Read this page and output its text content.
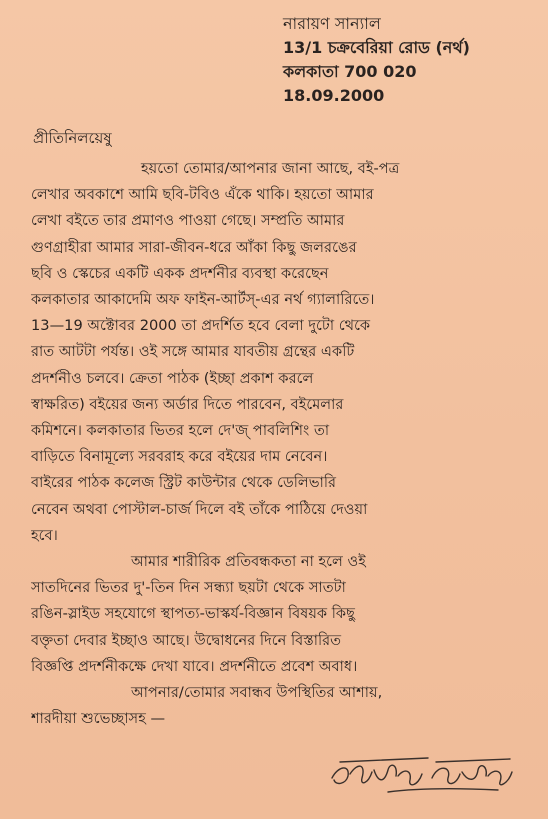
নারায়ণ সান্যাল
13/1 চক্রবেরিয়া রোড (নর্থ)
কলকাতা 700 020
18.09.2000
প্রীতিনিলয়েষু
হয়তো তোমার/আপনার জানা আছে, বই-পত্র
লেখার অবকাশে আমি ছবি-টবিও এঁকে থাকি। হয়তো আমার
লেখা বইতে তার প্রমাণও পাওয়া গেছে। সম্প্রতি আমার
গুণগ্রাহীরা আমার সারা-জীবন-ধরে আঁকা কিছু জলরঙের
ছবি ও স্কেচের একটি একক প্রদর্শনীর ব্যবস্থা করেছেন
কলকাতার আকাদেমি অফ ফাইন-আর্টস্-এর নর্থ গ্যালারিতে।
13—19 অক্টোবর 2000 তা প্রদর্শিত হবে বেলা দুটো থেকে
রাত আটটা পর্যন্ত। ওই সঙ্গে আমার যাবতীয় গ্রন্থের একটি
প্রদর্শনীও চলবে। ক্রেতা পাঠক (ইচ্ছা প্রকাশ করলে
স্বাক্ষরিত) বইয়ের জন্য অর্ডার দিতে পারবেন, বইমেলার
কমিশনে। কলকাতার ভিতর হলে দে'জ্ পাবলিশিং তা
বাড়িতে বিনামূল্যে সরবরাহ করে বইয়ের দাম নেবেন।
বাইরের পাঠক কলেজ স্ট্রিট কাউন্টার থেকে ডেলিভারি
নেবেন অথবা পোস্টাল-চার্জ দিলে বই তাঁকে পাঠিয়ে দেওয়া
হবে।
আমার শারীরিক প্রতিবন্ধকতা না হলে ওই
সাতদিনের ভিতর দু'-তিন দিন সন্ধ্যা ছয়টা থেকে সাতটা
রঙিন-স্লাইড সহযোগে স্থাপত্য-ভাস্কর্য-বিজ্ঞান বিষয়ক কিছু
বক্তৃতা দেবার ইচ্ছাও আছে। উদ্বোধনের দিনে বিস্তারিত
বিজ্ঞপ্তি প্রদর্শনীকক্ষে দেখা যাবে। প্রদর্শনীতে প্রবেশ অবাধ।
আপনার/তোমার সবান্ধব উপস্থিতির আশায়,
শারদীয়া শুভেচ্ছাসহ —
